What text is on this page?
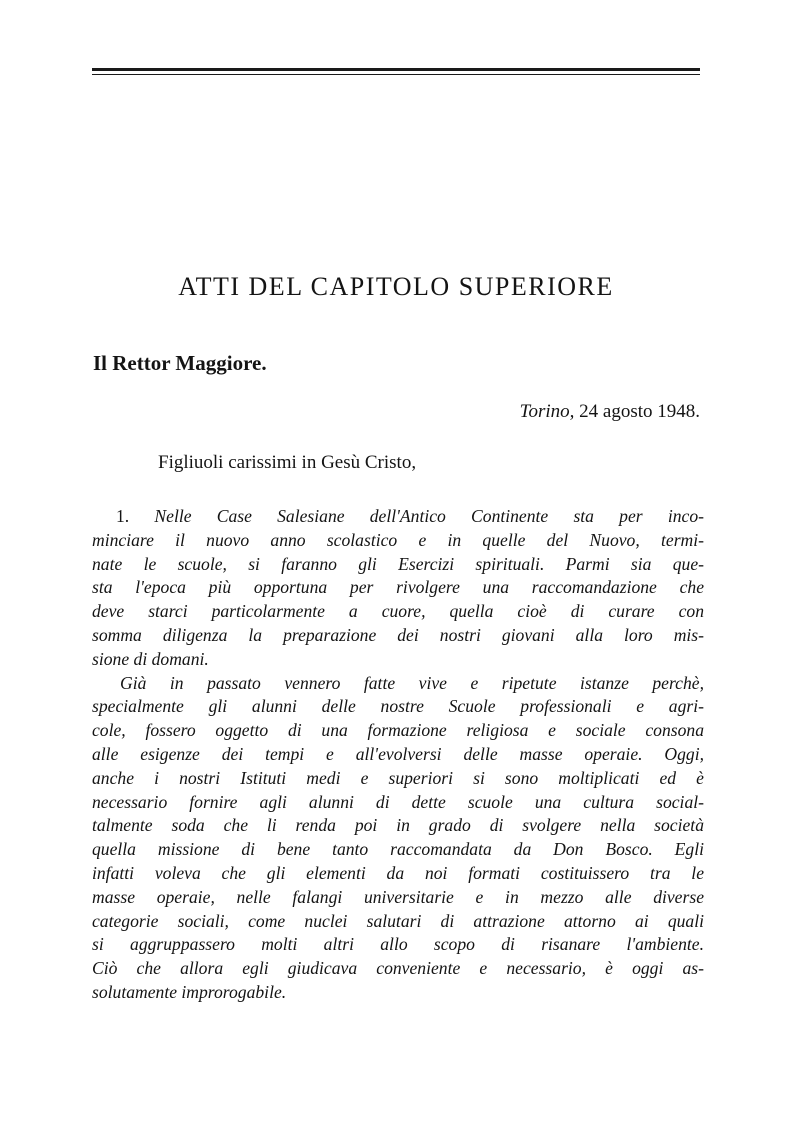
ATTI DEL CAPITOLO SUPERIORE
Il Rettor Maggiore.

Torino, 24 agosto 1948.

Figliuoli carissimi in Gesù Cristo,

1. Nelle Case Salesiane dell'Antico Continente sta per inco-
minciare il nuovo anno scolastico e in quelle del Nuovo, termi-
nate le scuole, si faranno gli Esercizi spirituali. Parmi sia que-
sta l'epoca più opportuna per rivolgere una raccomandazione che
deve starci particolarmente a cuore, quella cioè di curare con
somma diligenza la preparazione dei nostri giovani alla loro mis-
sione di domani.
Già in passato vennero fatte vive e ripetute istanze perchè,
specialmente gli alunni delle nostre Scuole professionali e agri-
cole, fossero oggetto di una formazione religiosa e sociale consona
alle esigenze dei tempi e all'evolversi delle masse operaie. Oggi,
anche i nostri Istituti medi e superiori si sono moltiplicati ed è
necessario fornire agli alunni di dette scuole una cultura social-
talmente soda che li renda poi in grado di svolgere nella società
quella missione di bene tanto raccomandata da Don Bosco. Egli
infatti voleva che gli elementi da noi formati costituissero tra le
masse operaie, nelle falangi universitarie e in mezzo alle diverse
categorie sociali, come nuclei salutari di attrazione attorno ai quali
si aggruppassero molti altri allo scopo di risanare l'ambiente.
Ciò che allora egli giudicava conveniente e necessario, è oggi as-
solutamente improrogabile.
